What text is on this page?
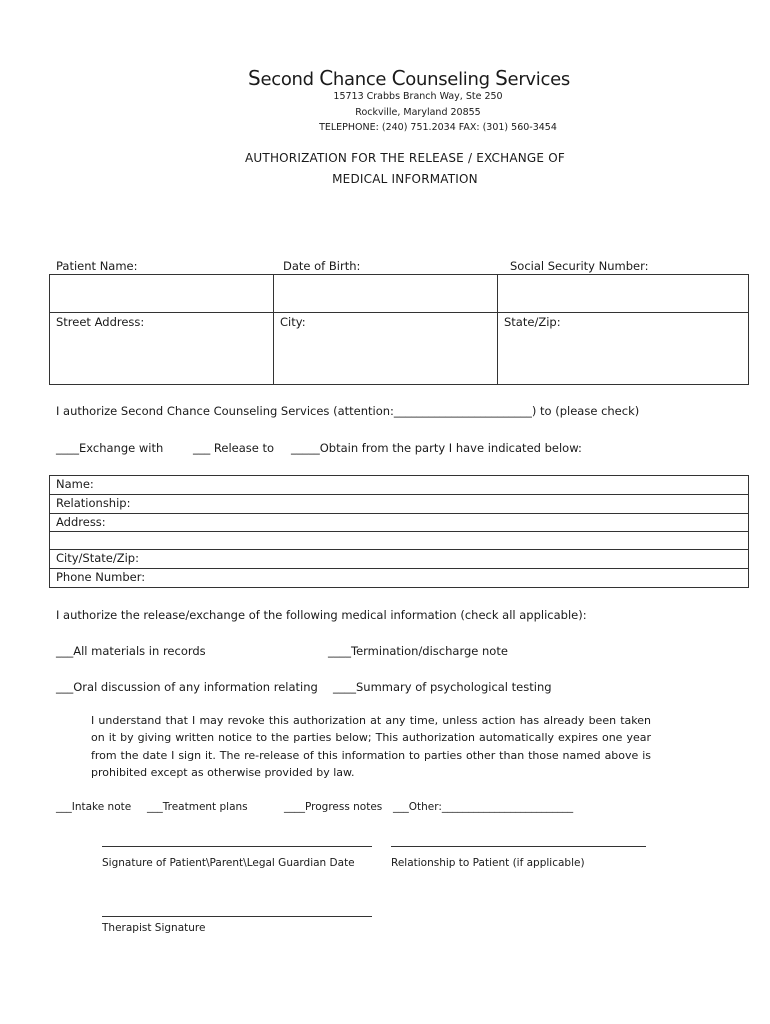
Second Chance Counseling Services
15713 Crabbs Branch Way, Ste 250
Rockville, Maryland 20855
TELEPHONE: (240) 751.2034 FAX: (301) 560-3454
AUTHORIZATION FOR THE RELEASE / EXCHANGE OF
MEDICAL INFORMATION
Patient Name:	Date of Birth:	Social Security Number:

Street Address:	City:	State/Zip:
I authorize Second Chance Counseling Services (attention:________________________) to (please check)
____Exchange with	___ Release to _____Obtain from the party I have indicated below:
Name:

Relationship:

Address:

City/State/Zip:

Phone Number:
I authorize the release/exchange of the following medical information (check all applicable):
___All materials in records	____Termination/discharge note
___Oral discussion of any information relating ____Summary of psychological testing
I understand that I may revoke this authorization at any time, unless action has already been taken on it by giving written notice to the parties below; This authorization automatically expires one year from the date I sign it. The re-release of this information to parties other than those named above is prohibited except as otherwise provided by law.
___Intake note ___Treatment plans	____Progress notes ___Other:_________________________
Signature of Patient\Parent\Legal Guardian Date	Relationship to Patient (if applicable)
Therapist Signature
